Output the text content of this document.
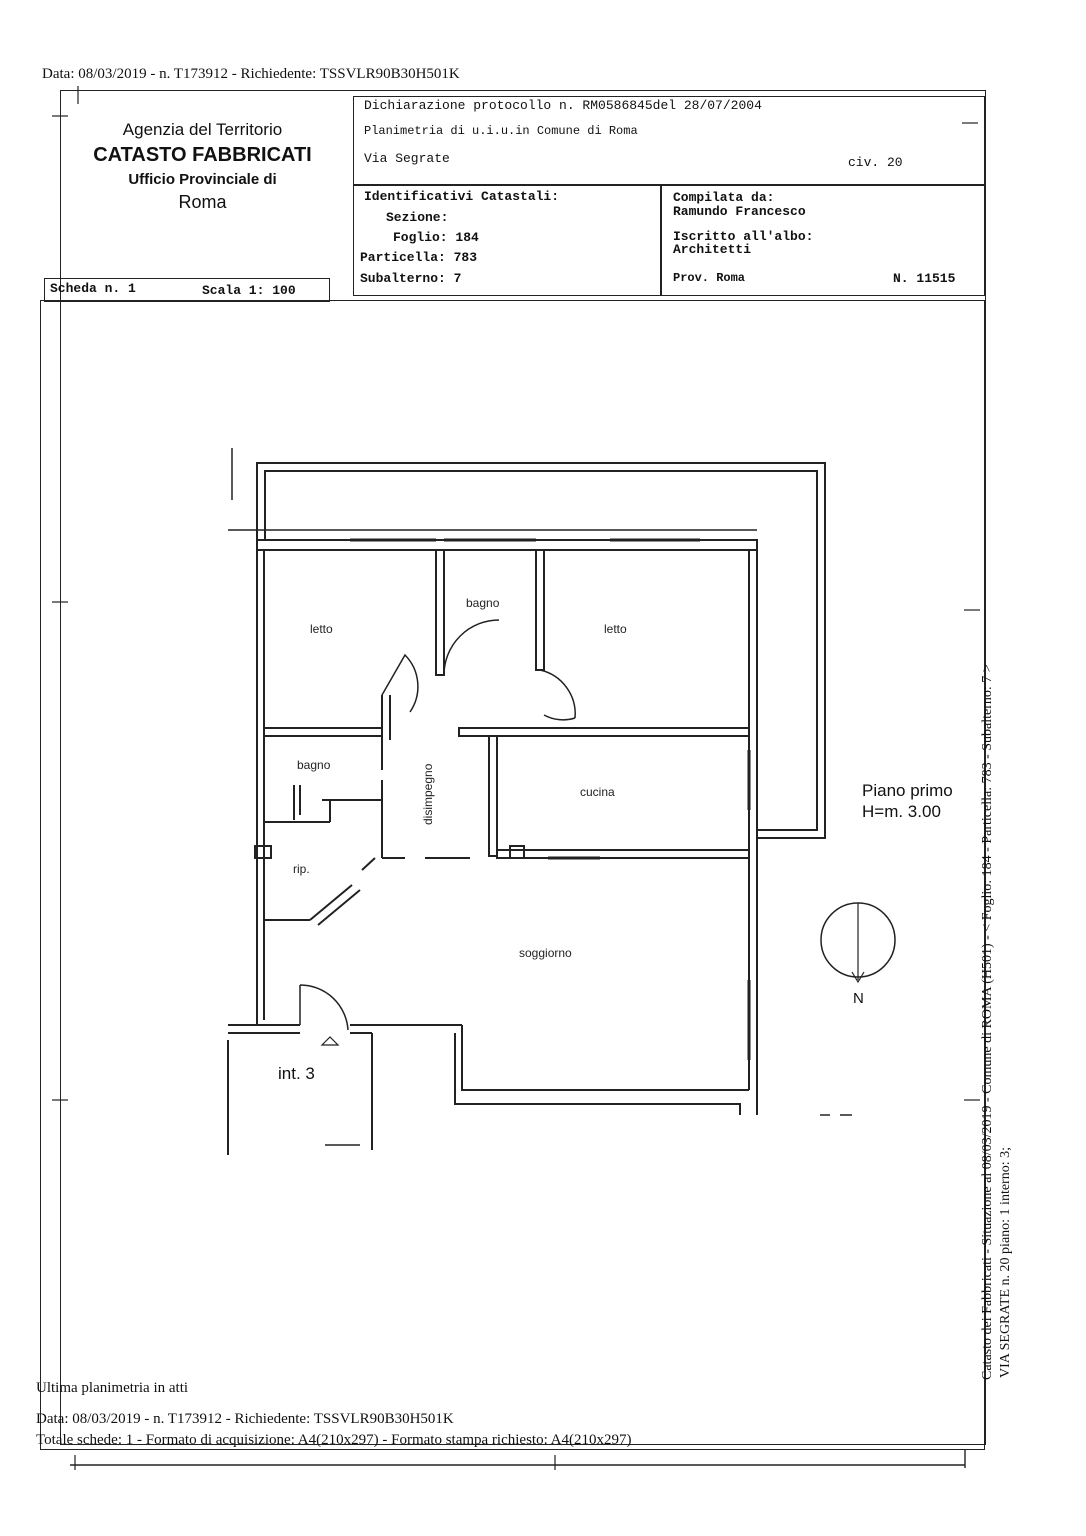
Data: 08/03/2019 - n. T173912 - Richiedente: TSSVLR90B30H501K
Agenzia del Territorio
CATASTO FABBRICATI
Ufficio Provinciale di
Roma
Dichiarazione protocollo n. RM0586845del 28/07/2004
Planimetria di u.i.u.in Comune di Roma
Via Segrate	civ. 20
Identificativi Catastali:
Sezione:
Foglio: 184
Particella: 783
Subalterno: 7
Compilata da:
Ramundo Francesco
Iscritto all'albo:
Architetti
Prov. Roma	N. 11515
Scheda n. 1	Scala 1: 100
letto
bagno
letto
bagno	disimpegno	cucina
rip.
soggiorno
int. 3
Piano primo
H=m. 3.00
N	Catasto dei Fabbricati - Situazione al 08/03/2019 - Comune di ROMA (H501) - < Foglio: 184 - Particella: 783 - Subalterno: 7 > VIA SEGRATE n. 20 piano: 1 interno: 3;
Ultima planimetria in atti
Data: 08/03/2019 - n. T173912 - Richiedente: TSSVLR90B30H501K
Totale schede: 1 - Formato di acquisizione: A4(210x297) - Formato stampa richiesto: A4(210x297)
